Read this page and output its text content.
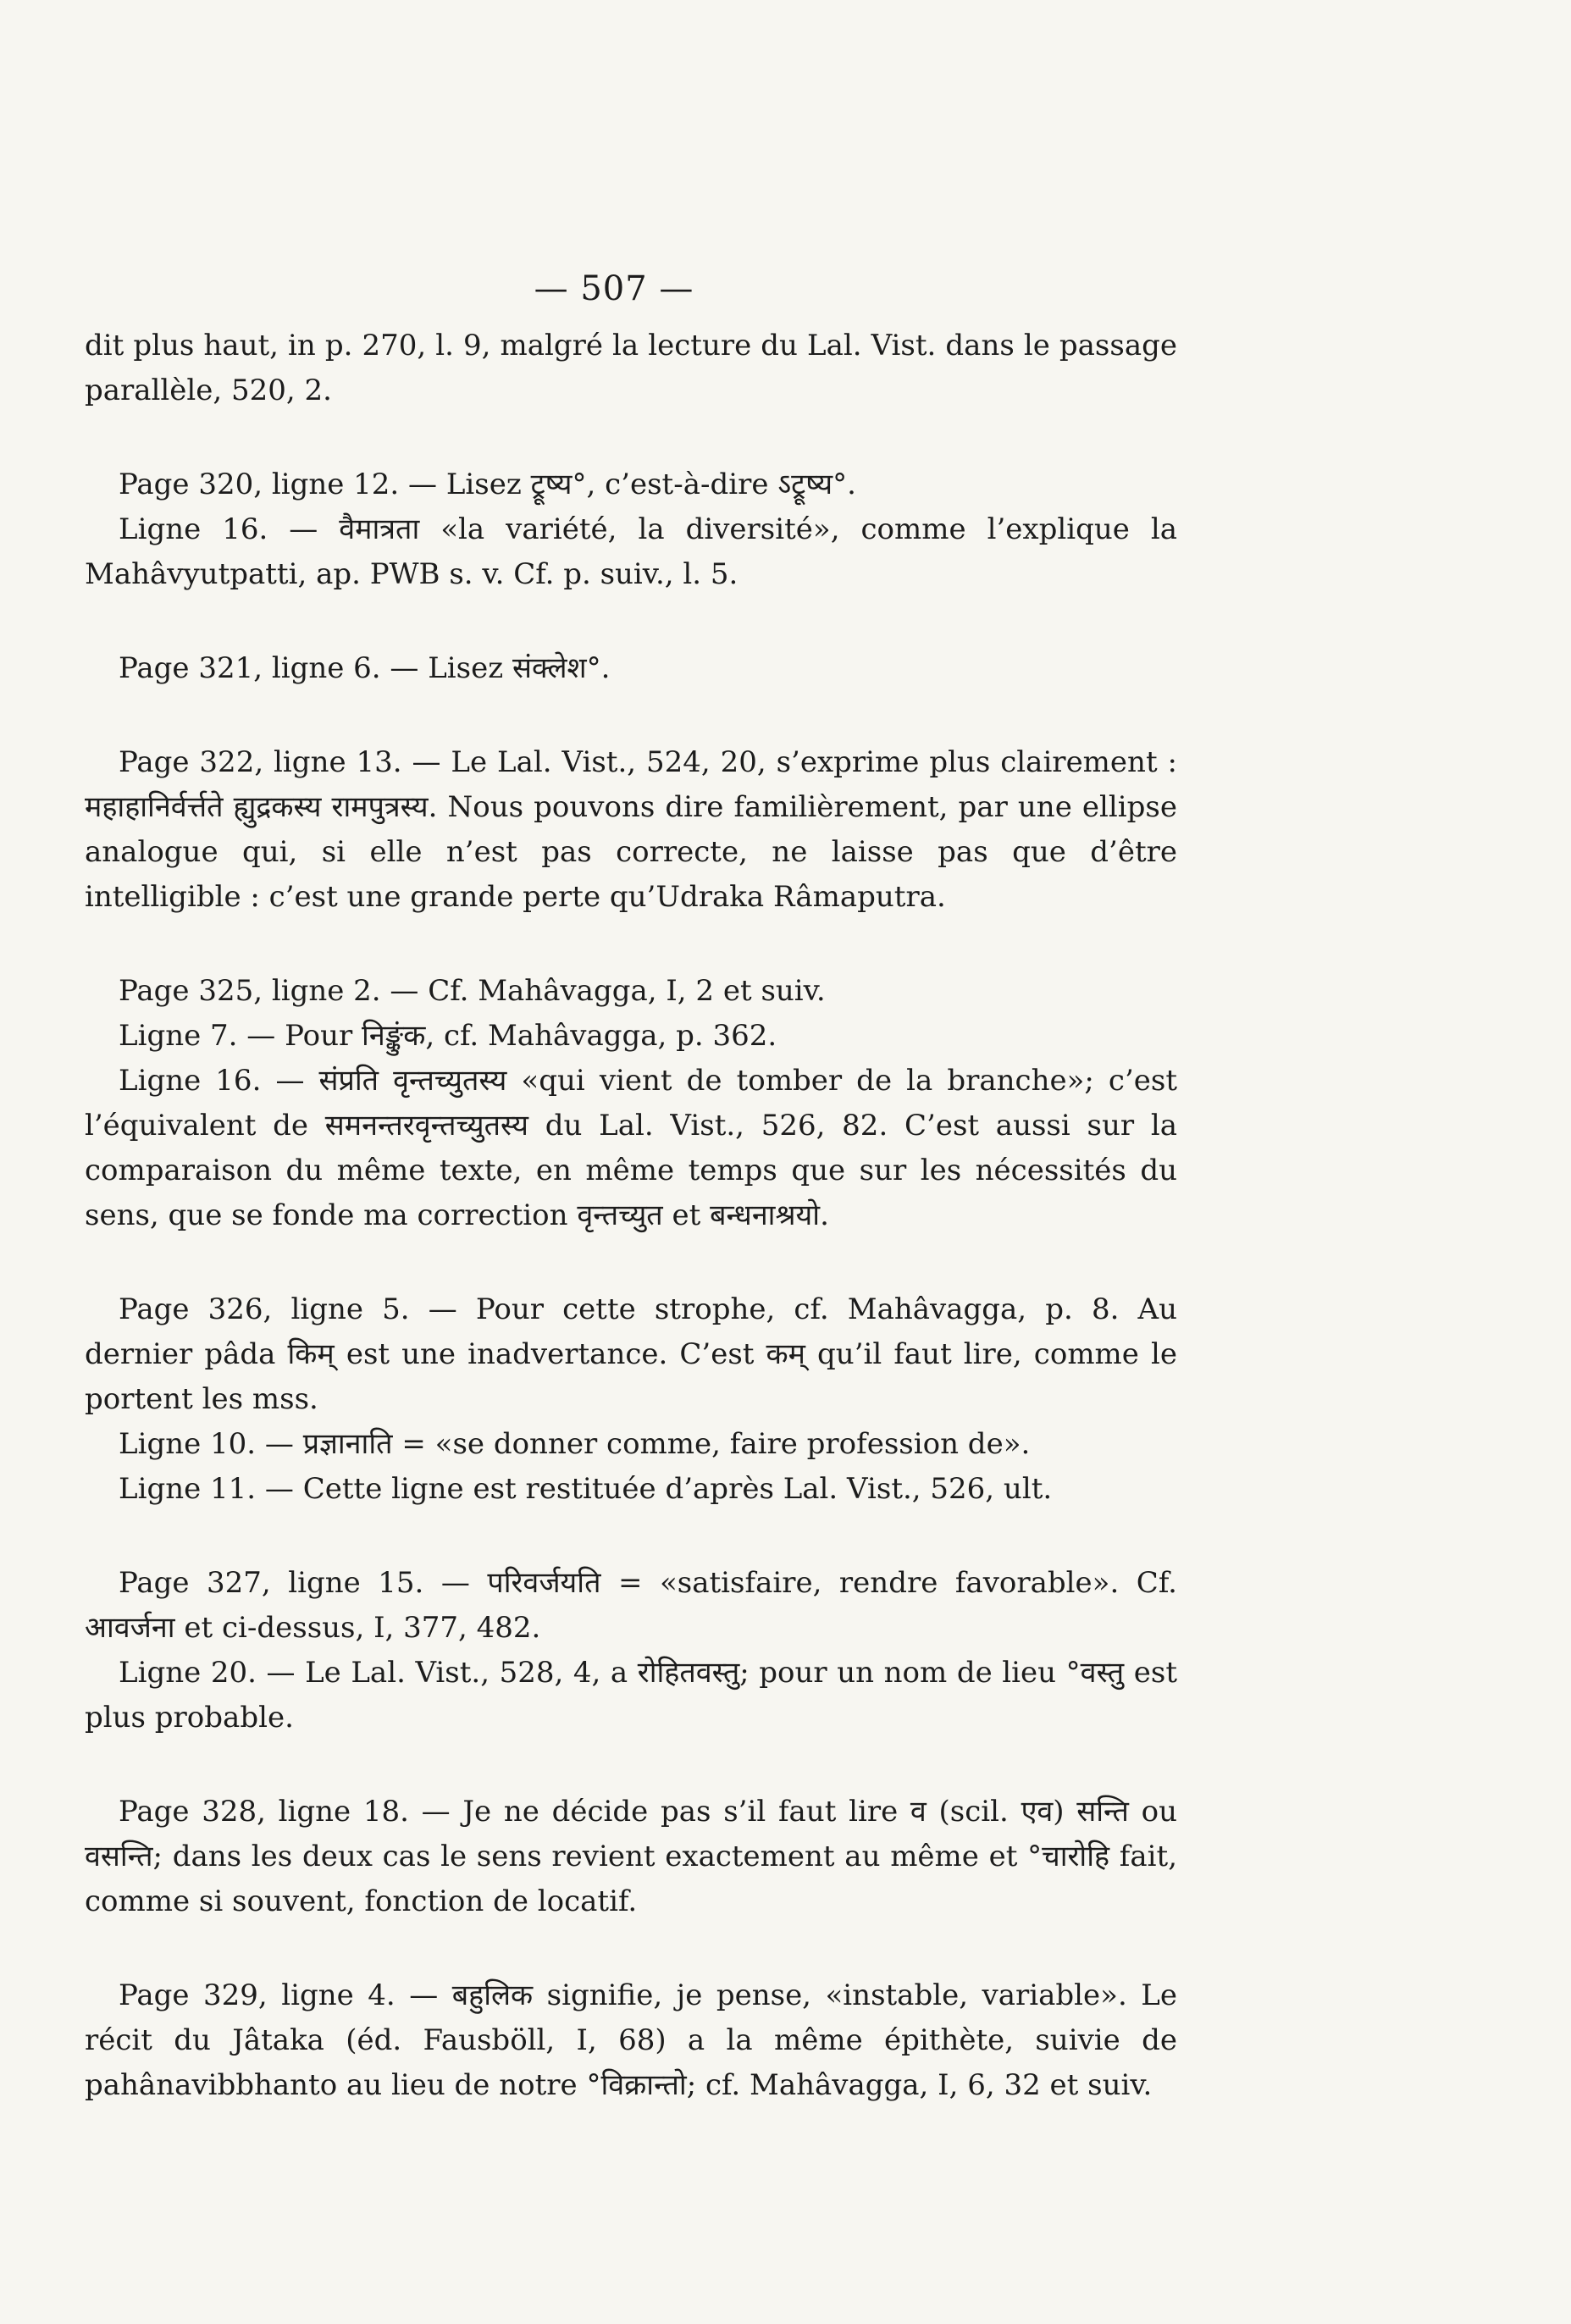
— 507 —

dit plus haut, in p. 270, l. 9, malgré la lecture du Lal. Vist. dans le passage parallèle, 520, 2.

Page 320, ligne 12. — Lisez ट्रूष्य°, c’est-à-dire ऽट्रूष्य°.

Ligne 16. — वैमात्रता «la variété, la diversité», comme l’explique la Mahâvyutpatti, ap. PWB s. v. Cf. p. suiv., l. 5.

Page 321, ligne 6. — Lisez संक्लेश°.

Page 322, ligne 13. — Le Lal. Vist., 524, 20, s’exprime plus clairement : महाहानिर्वर्त्तते ह्युद्रकस्य रामपुत्रस्य. Nous pouvons dire familièrement, par une ellipse analogue qui, si elle n’est pas correcte, ne laisse pas que d’être intelligible : c’est une grande perte qu’Udraka Râmaputra.

Page 325, ligne 2. — Cf. Mahâvagga, I, 2 et suiv.

Ligne 7. — Pour निङ्कुंक, cf. Mahâvagga, p. 362.

Ligne 16. — संप्रति वृन्तच्युतस्य «qui vient de tomber de la branche»; c’est l’équivalent de समनन्तरवृन्तच्युतस्य du Lal. Vist., 526, 82. C’est aussi sur la comparaison du même texte, en même temps que sur les nécessités du sens, que se fonde ma correction वृन्तच्युत et बन्धनाश्रयो.

Page 326, ligne 5. — Pour cette strophe, cf. Mahâvagga, p. 8. Au dernier pâda किम् est une inadvertance. C’est कम् qu’il faut lire, comme le portent les mss.

Ligne 10. — प्रज्ञानाति = «se donner comme, faire profession de».

Ligne 11. — Cette ligne est restituée d’après Lal. Vist., 526, ult.

Page 327, ligne 15. — परिवर्जयति = «satisfaire, rendre favorable». Cf. आवर्जना et ci-dessus, I, 377, 482.

Ligne 20. — Le Lal. Vist., 528, 4, a रोहितवस्तु; pour un nom de lieu °वस्तु est plus probable.

Page 328, ligne 18. — Je ne décide pas s’il faut lire व (scil. एव) सन्ति ou वसन्ति; dans les deux cas le sens revient exactement au même et °चारोहि fait, comme si souvent, fonction de locatif.

Page 329, ligne 4. — बहुलिक signifie, je pense, «instable, variable». Le récit du Jâtaka (éd. Fausböll, I, 68) a la même épithète, suivie de pahânavibbhanto au lieu de notre °विक्रान्तो; cf. Mahâvagga, I, 6, 32 et suiv.
